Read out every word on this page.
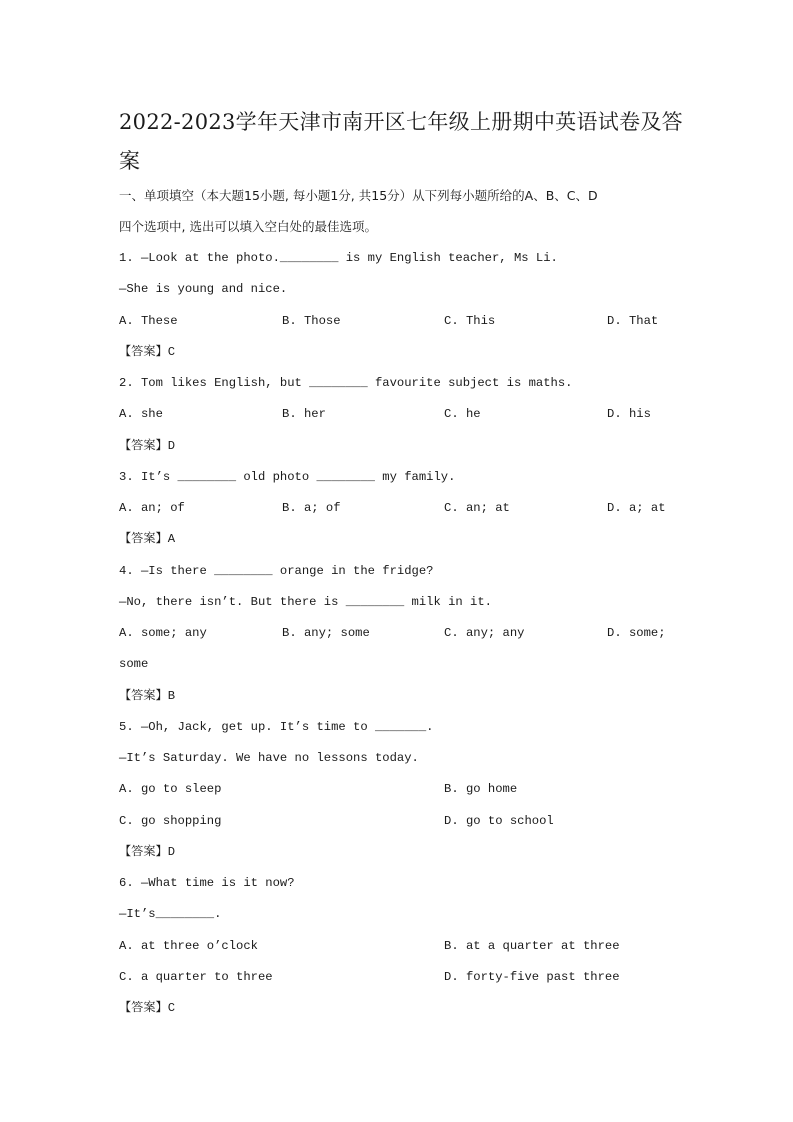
2022-2023学年天津市南开区七年级上册期中英语试卷及答
案
一、单项填空（本大题15小题, 每小题1分, 共15分）从下列每小题所给的A、B、C、D
四个选项中, 选出可以填入空白处的最佳选项。
1. —Look at the photo.________ is my English teacher, Ms Li.
—She is young and nice.
A. These	B. Those	C. This	D. That
【答案】C
2. Tom likes English, but ________ favourite subject is maths.
A. she	B. her	C. he	D. his
【答案】D
3. It’s ________ old photo ________ my family.
A. an; of	B. a; of	C. an; at	D. a; at
【答案】A
4. —Is there ________ orange in the fridge?
—No, there isn’t. But there is ________ milk in it.
A. some; any	B. any; some	C. any; any	D. some;
some
【答案】B
5. —Oh, Jack, get up. It’s time to _______.
—It’s Saturday. We have no lessons today.
A. go to sleep	B. go home
C. go shopping	D. go to school
【答案】D
6. —What time is it now?
—It’s________.
A. at three o’clock	B. at a quarter at three
C. a quarter to three	D. forty-five past three
【答案】C
